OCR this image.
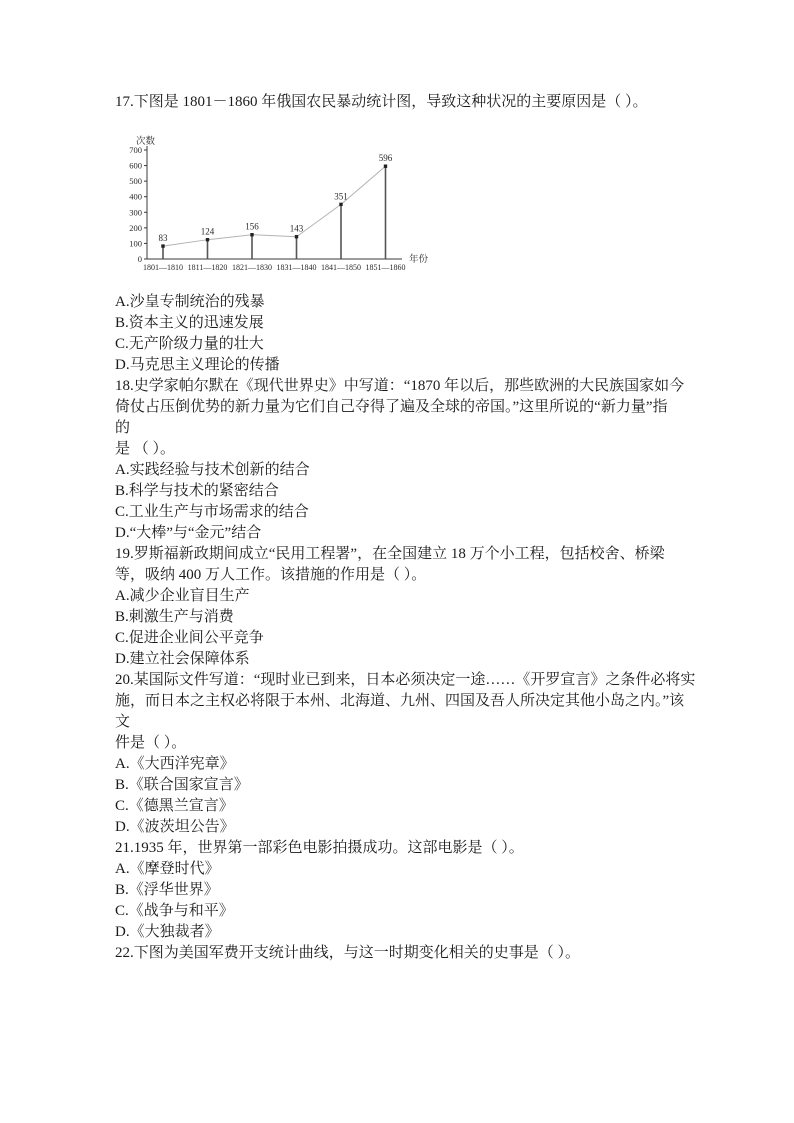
17.下图是 1801－1860 年俄国农民暴动统计图，导致这种状况的主要原因是（ ）。
次数
0
100
200
300
400
500
600
700
83
1801—1810
124
1811—1820
156
1821—1830
143
1831—1840
351
1841—1850
596
1851—1860
年份
A.沙皇专制统治的残暴
B.资本主义的迅速发展
C.无产阶级力量的壮大
D.马克思主义理论的传播
18.史学家帕尔默在《现代世界史》中写道：“1870 年以后，那些欧洲的大民族国家如今
倚仗占压倒优势的新力量为它们自己夺得了遍及全球的帝国。”这里所说的“新力量”指
的
是 （ ）。
A.实践经验与技术创新的结合
B.科学与技术的紧密结合
C.工业生产与市场需求的结合
D.“大棒”与“金元”结合
19.罗斯福新政期间成立“民用工程署”，在全国建立 18 万个小工程，包括校舍、桥梁
等，吸纳 400 万人工作。该措施的作用是（ ）。
A.减少企业盲目生产
B.刺激生产与消费
C.促进企业间公平竞争
D.建立社会保障体系
20.某国际文件写道：“现时业已到来，日本必须决定一途……《开罗宣言》之条件必将实
施，而日本之主权必将限于本州、北海道、九州、四国及吾人所决定其他小岛之内。”该
文
件是（ ）。
A.《大西洋宪章》
B.《联合国家宣言》
C.《德黑兰宣言》
D.《波茨坦公告》
21.1935 年，世界第一部彩色电影拍摄成功。这部电影是（ ）。
A.《摩登时代》
B.《浮华世界》
C.《战争与和平》
D.《大独裁者》
22.下图为美国军费开支统计曲线，与这一时期变化相关的史事是（ ）。
